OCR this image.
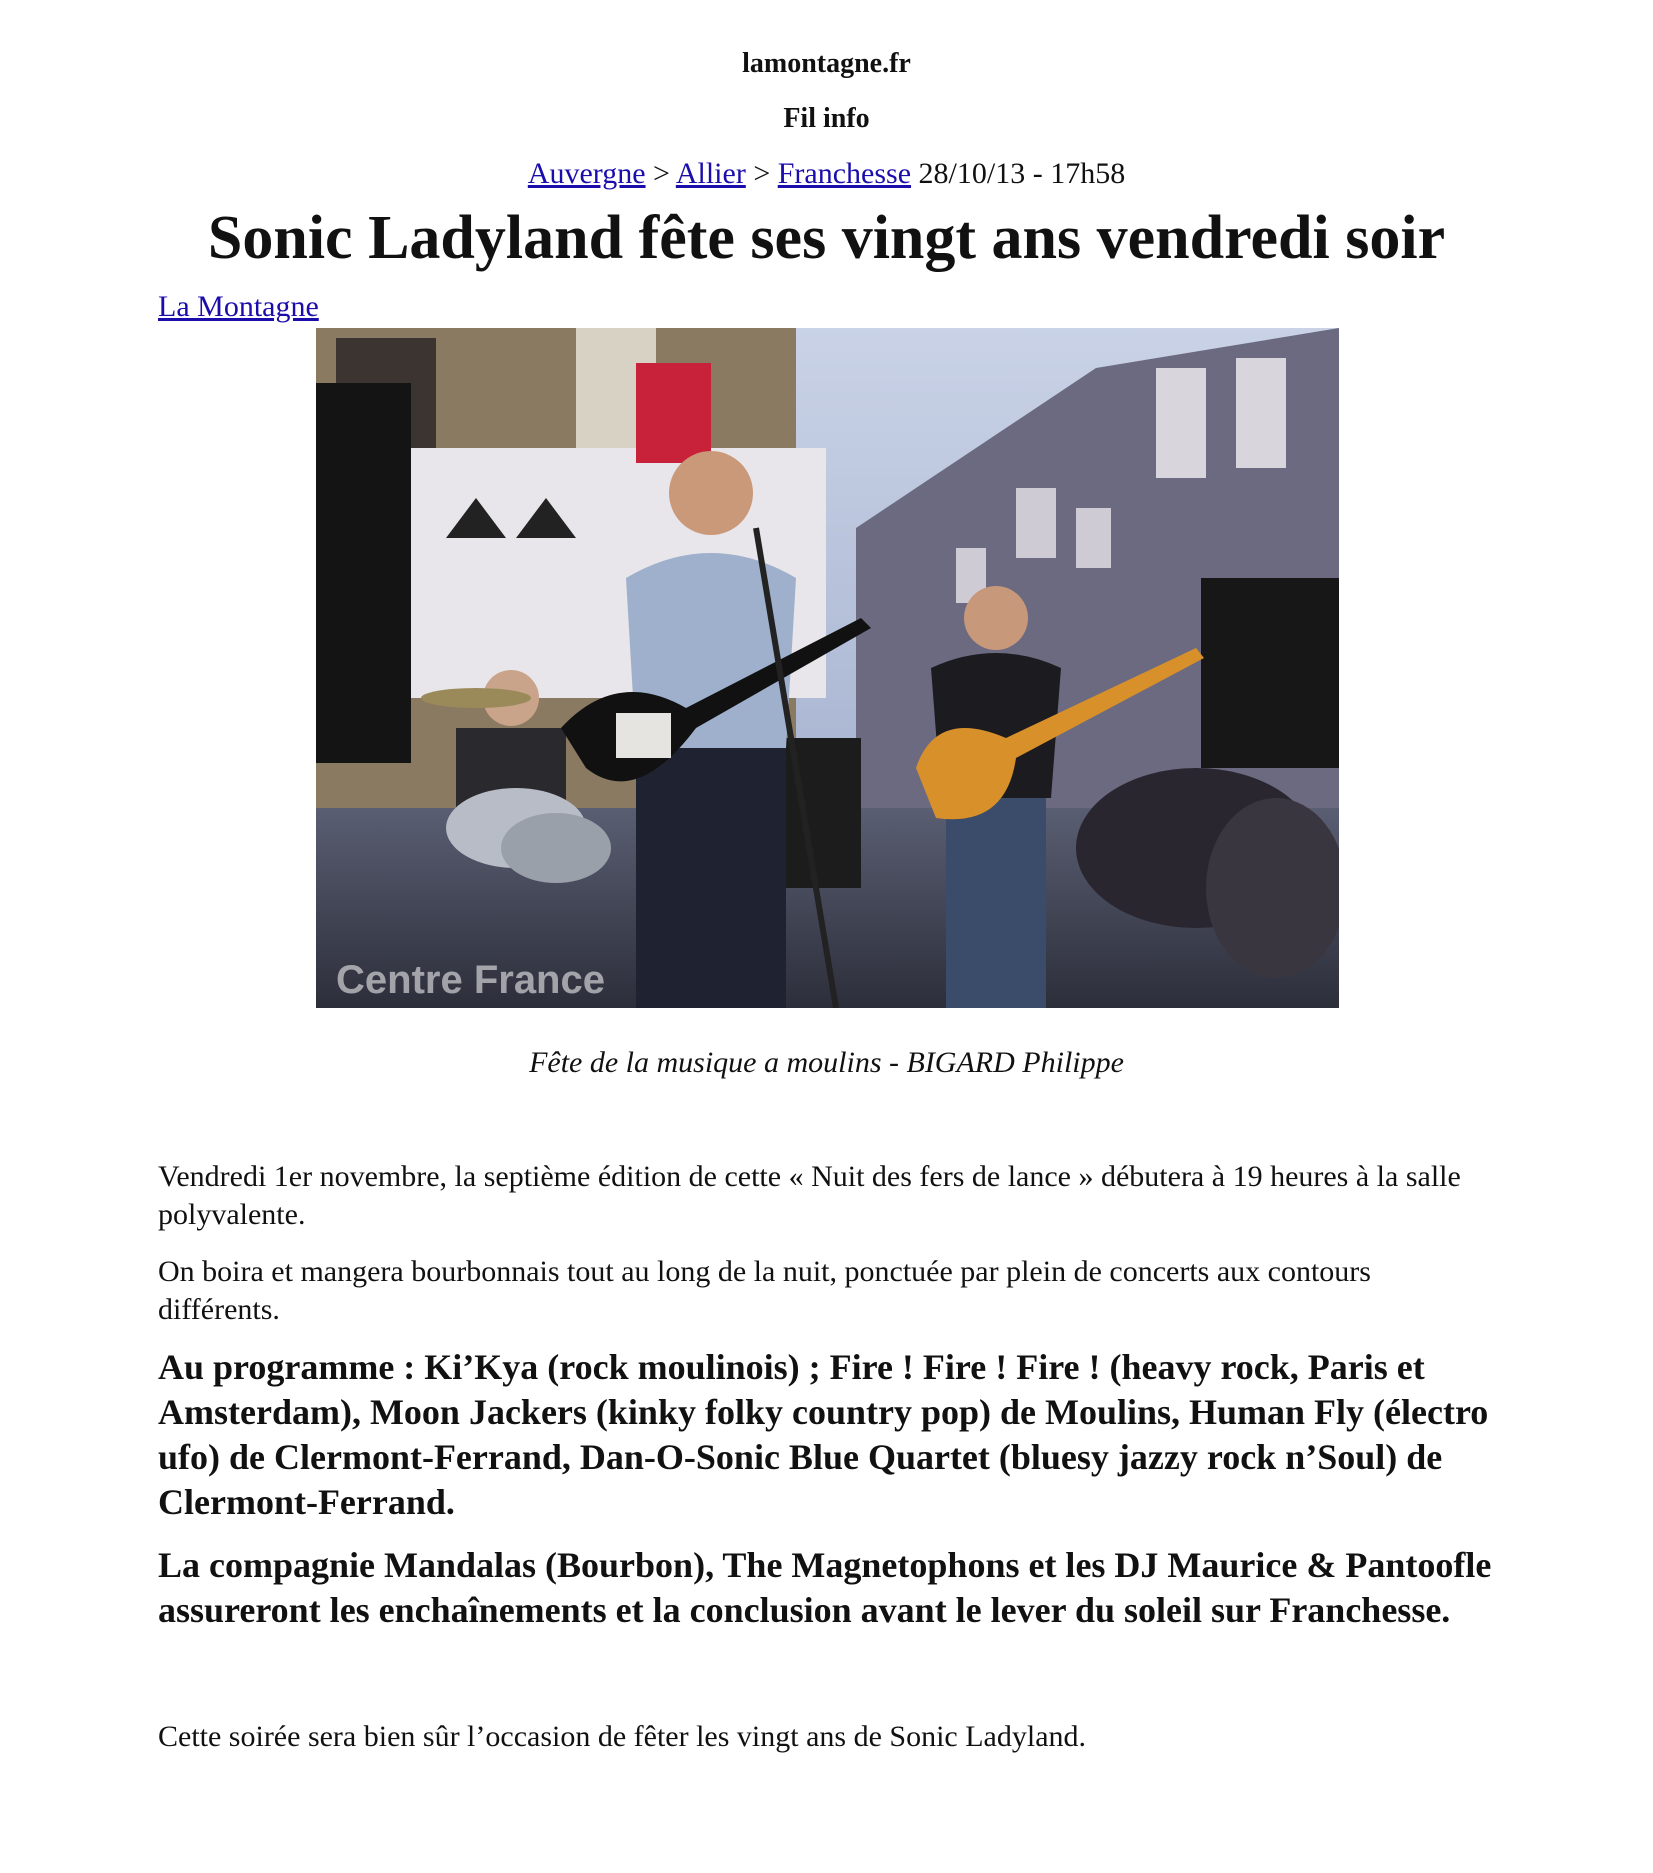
lamontagne.fr
Fil info
Auvergne > Allier > Franchesse 28/10/13 - 17h58
Sonic Ladyland fête ses vingt ans vendredi soir
La Montagne
Centre France
Fête de la musique a moulins - BIGARD Philippe

Vendredi 1er novembre, la septième édition de cette « Nuit des fers de lance » débutera à 19 heures à la salle polyvalente.

On boira et mangera bourbonnais tout au long de la nuit, ponctuée par plein de concerts aux contours différents.

Au programme : Ki’Kya (rock moulinois) ; Fire ! Fire ! Fire ! (heavy rock, Paris et Amsterdam), Moon Jackers (kinky folky country pop) de Moulins, Human Fly (électro ufo) de Clermont-Ferrand, Dan-O-Sonic Blue Quartet (bluesy jazzy rock n’Soul) de Clermont-Ferrand.

La compagnie Mandalas (Bourbon), The Magnetophons et les DJ Maurice & Pantoofle assureront les enchaînements et la conclusion avant le lever du soleil sur Franchesse.

Cette soirée sera bien sûr l’occasion de fêter les vingt ans de Sonic Ladyland.
